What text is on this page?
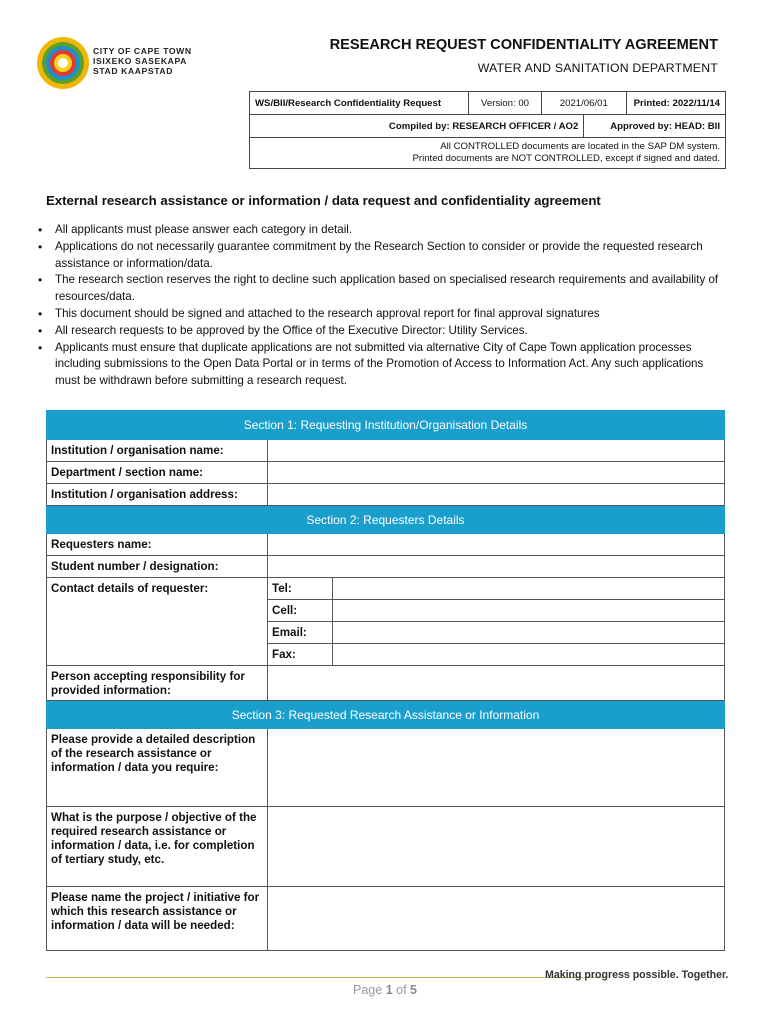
CITY OF CAPE TOWN
ISIXEKO SASEKAPA
STAD KAAPSTAD
RESEARCH REQUEST CONFIDENTIALITY AGREEMENT
WATER AND SANITATION DEPARTMENT
WS/BII/Research Confidentiality Request	Version: 00	2021/06/01		Printed: 2022/11/14
Compiled by: RESEARCH OFFICER / AO2			Approved by: HEAD: BII	

All CONTROLLED documents are located in the SAP DM system.
Printed documents are NOT CONTROLLED, except if signed and dated.				
External research assistance or information / data request and confidentiality agreement
• All applicants must please answer each category in detail.
• Applications do not necessarily guarantee commitment by the Research Section to consider or provide the requested research assistance or information/data.
• The research section reserves the right to decline such application based on specialised research requirements and availability of resources/data.
• This document should be signed and attached to the research approval report for final approval signatures
• All research requests to be approved by the Office of the Executive Director: Utility Services.
• Applicants must ensure that duplicate applications are not submitted via alternative City of Cape Town application processes including submissions to the Open Data Portal or in terms of the Promotion of Access to Information Act. Any such applications must be withdrawn before submitting a research request.
Section 1: Requesting Institution/Organisation Details		
Institution / organisation name:		
Department / section name:		
Institution / organisation address:		
Section 2: Requesters Details		
Requesters name:		
Student number / designation:		
Contact details of requester:	Tel:	
	Cell:	
	Email:	
	Fax:	
Person accepting responsibility for provided information:		
Section 3: Requested Research Assistance or Information		
Please provide a detailed description of the research assistance or information / data you require:		
What is the purpose / objective of the required research assistance or information / data, i.e. for completion of tertiary study, etc.		
Please name the project / initiative for which this research assistance or information / data will be needed:		
Making progress possible. Together.
Page 1 of 5
